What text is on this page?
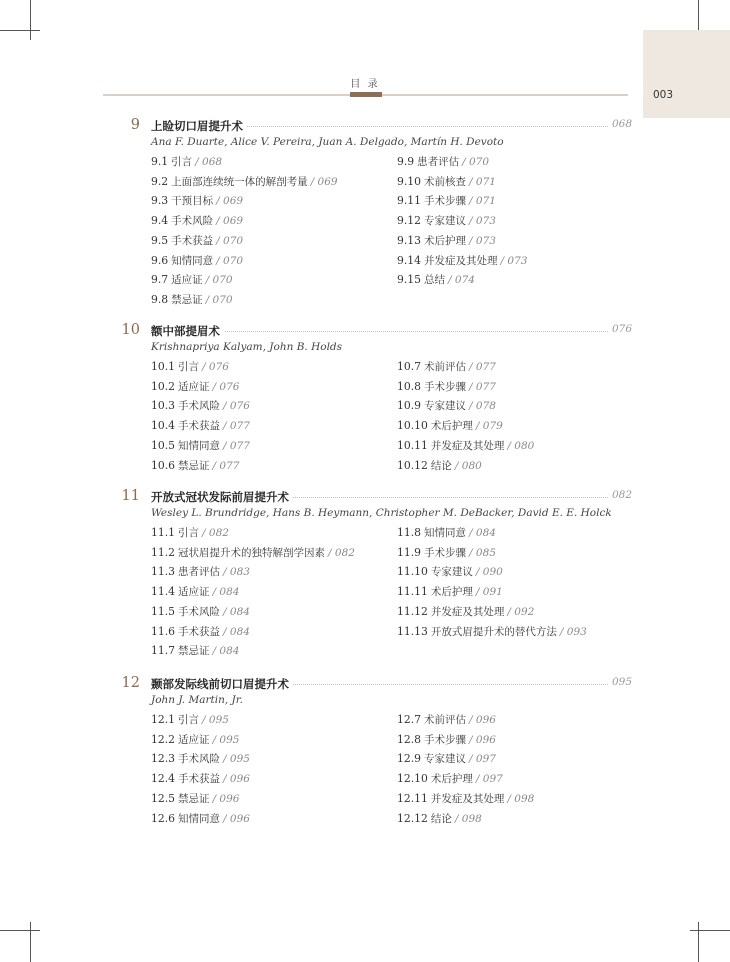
003
目 录
9 上睑切口眉提升术	068
Ana F. Duarte, Alice V. Pereira, Juan A. Delgado, Martín H. Devoto
9.1 引言 / 068
9.2 上面部连续统一体的解剖考量 / 069
9.3 干预目标 / 069
9.4 手术风险 / 069
9.5 手术获益 / 070
9.6 知情同意 / 070
9.7 适应证 / 070
9.8 禁忌证 / 070
9.9 患者评估 / 070
9.10 术前核查 / 071
9.11 手术步骤 / 071
9.12 专家建议 / 073
9.13 术后护理 / 073
9.14 并发症及其处理 / 073
9.15 总结 / 074
10 额中部提眉术	076
Krishnapriya Kalyam, John B. Holds
10.1 引言 / 076
10.2 适应证 / 076
10.3 手术风险 / 076
10.4 手术获益 / 077
10.5 知情同意 / 077
10.6 禁忌证 / 077
10.7 术前评估 / 077
10.8 手术步骤 / 077
10.9 专家建议 / 078
10.10 术后护理 / 079
10.11 并发症及其处理 / 080
10.12 结论 / 080
11 开放式冠状发际前眉提升术	082
Wesley L. Brundridge, Hans B. Heymann, Christopher M. DeBacker, David E. E. Holck
11.1 引言 / 082
11.2 冠状眉提升术的独特解剖学因素 / 082
11.3 患者评估 / 083
11.4 适应证 / 084
11.5 手术风险 / 084
11.6 手术获益 / 084
11.7 禁忌证 / 084
11.8 知情同意 / 084
11.9 手术步骤 / 085
11.10 专家建议 / 090
11.11 术后护理 / 091
11.12 并发症及其处理 / 092
11.13 开放式眉提升术的替代方法 / 093
12 颞部发际线前切口眉提升术	095
John J. Martin, Jr.
12.1 引言 / 095
12.2 适应证 / 095
12.3 手术风险 / 095
12.4 手术获益 / 096
12.5 禁忌证 / 096
12.6 知情同意 / 096
12.7 术前评估 / 096
12.8 手术步骤 / 096
12.9 专家建议 / 097
12.10 术后护理 / 097
12.11 并发症及其处理 / 098
12.12 结论 / 098
